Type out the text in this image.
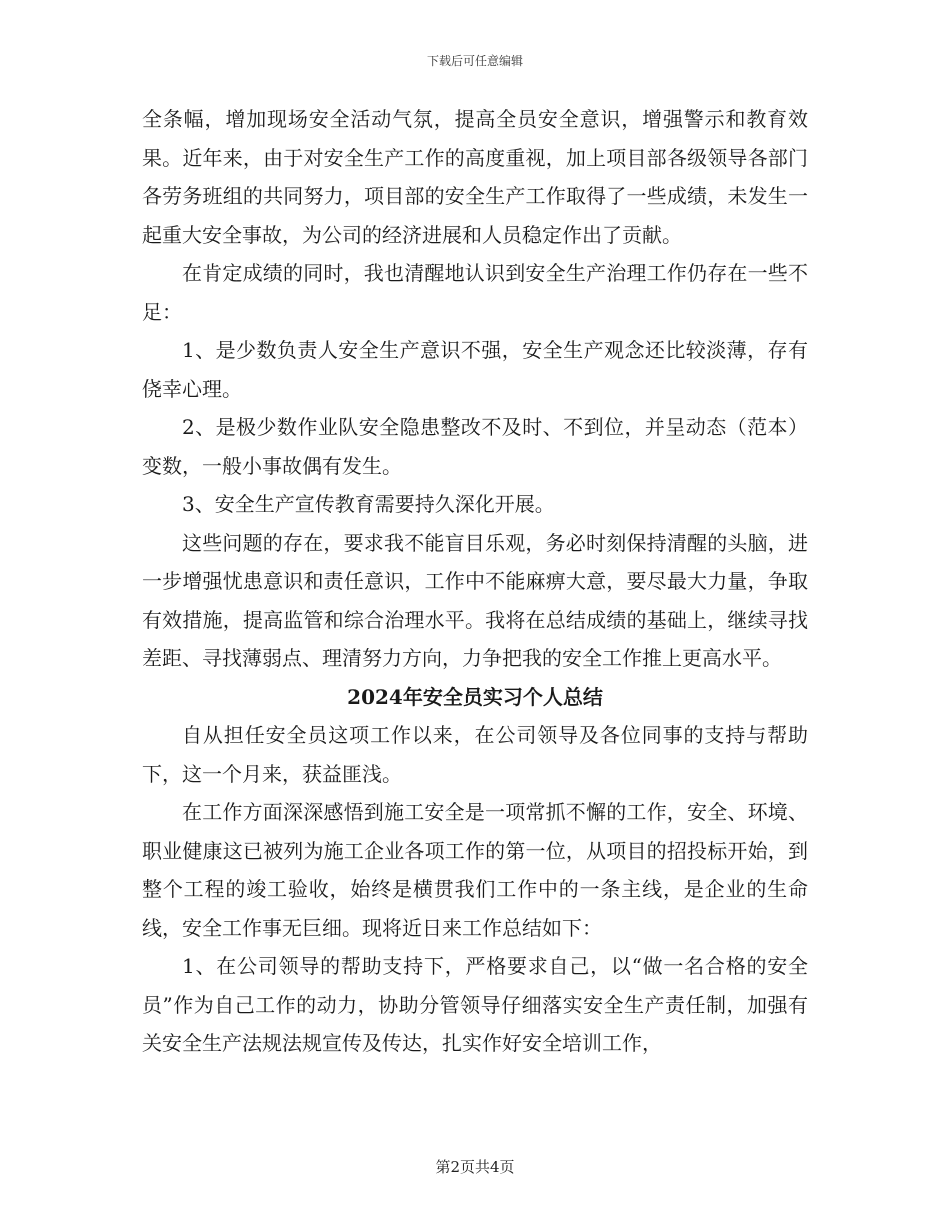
下载后可任意编辑

全条幅，增加现场安全活动气氛，提高全员安全意识，增强警示和教育效果。近年来，由于对安全生产工作的高度重视，加上项目部各级领导各部门各劳务班组的共同努力，项目部的安全生产工作取得了一些成绩，未发生一起重大安全事故，为公司的经济进展和人员稳定作出了贡献。

在肯定成绩的同时，我也清醒地认识到安全生产治理工作仍存在一些不足：

1、是少数负责人安全生产意识不强，安全生产观念还比较淡薄，存有侥幸心理。

2、是极少数作业队安全隐患整改不及时、不到位，并呈动态（范本）变数，一般小事故偶有发生。

3、安全生产宣传教育需要持久深化开展。

这些问题的存在，要求我不能盲目乐观，务必时刻保持清醒的头脑，进一步增强忧患意识和责任意识，工作中不能麻痹大意，要尽最大力量，争取有效措施，提高监管和综合治理水平。我将在总结成绩的基础上，继续寻找差距、寻找薄弱点、理清努力方向，力争把我的安全工作推上更高水平。

2024年安全员实习个人总结

自从担任安全员这项工作以来，在公司领导及各位同事的支持与帮助下，这一个月来，获益匪浅。

在工作方面深深感悟到施工安全是一项常抓不懈的工作，安全、环境、职业健康这已被列为施工企业各项工作的第一位，从项目的招投标开始，到整个工程的竣工验收，始终是横贯我们工作中的一条主线，是企业的生命线，安全工作事无巨细。现将近日来工作总结如下：

1、在公司领导的帮助支持下，严格要求自己，以“做一名合格的安全员”作为自己工作的动力，协助分管领导仔细落实安全生产责任制，加强有关安全生产法规法规宣传及传达，扎实作好安全培训工作，

第2页共4页
